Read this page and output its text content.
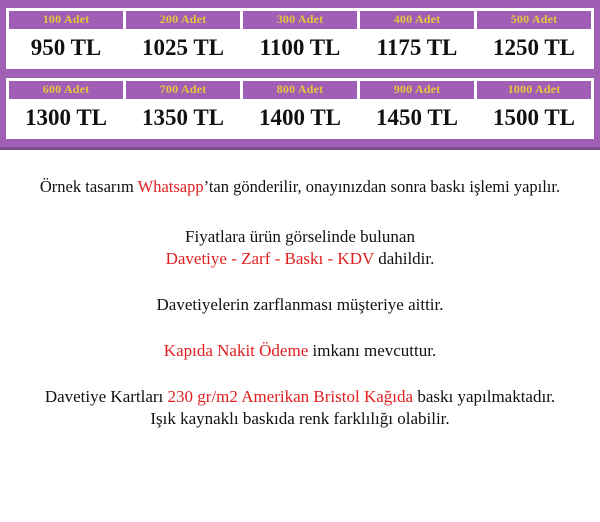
100 Adet
950 TL
200 Adet
1025 TL
300 Adet
1100 TL
400 Adet
1175 TL
500 Adet
1250 TL
600 Adet
1300 TL
700 Adet
1350 TL
800 Adet
1400 TL
900 Adet
1450 TL
1000 Adet
1500 TL

Örnek tasarım Whatsapp’tan gönderilir, onayınızdan sonra baskı işlemi yapılır.

Fiyatlara ürün görselinde bulunan

Davetiye - Zarf - Baskı - KDV dahildir.

Davetiyelerin zarflanması müşteriye aittir.

Kapıda Nakit Ödeme imkanı mevcuttur.

Davetiye Kartları 230 gr/m2 Amerikan Bristol Kağıda baskı yapılmaktadır.

Işık kaynaklı baskıda renk farklılığı olabilir.
